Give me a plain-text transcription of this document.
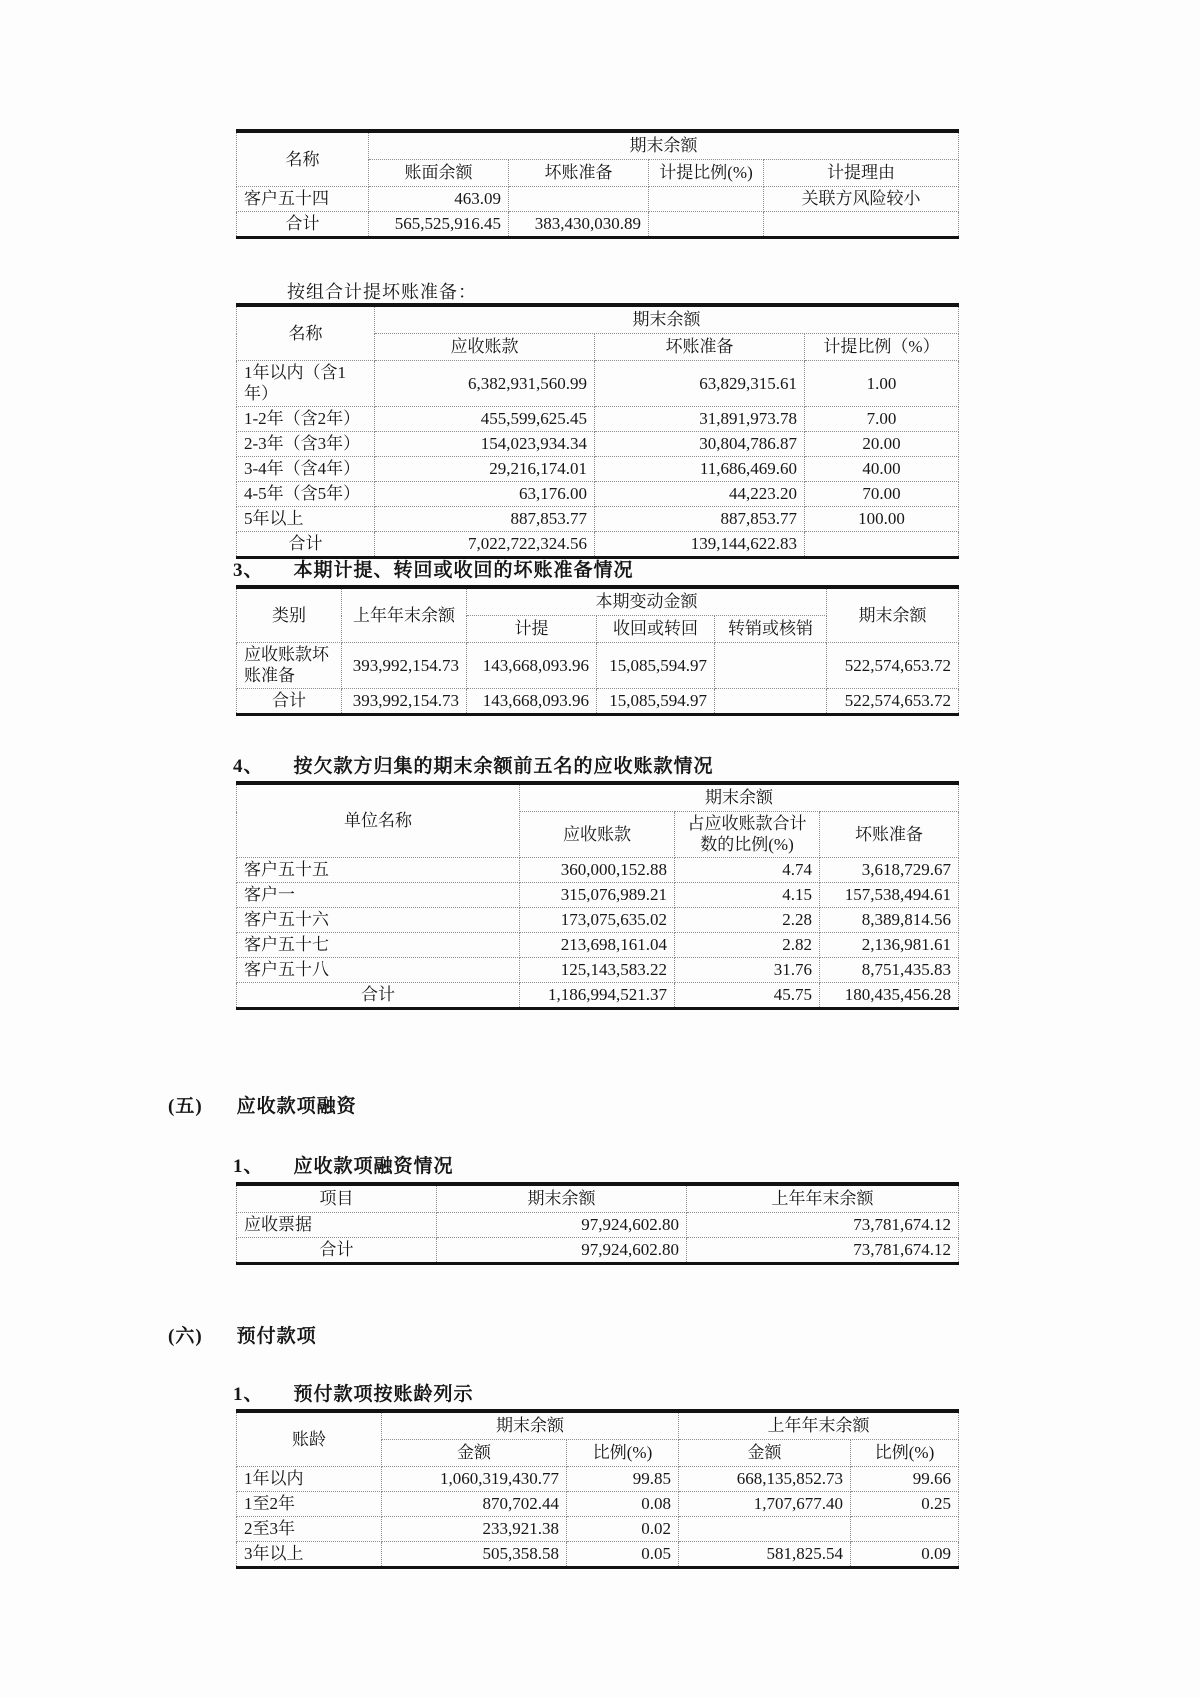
名称	期末余额			
	账面余额	坏账准备	计提比例(%)	计提理由
客户五十四	463.09			关联方风险较小
合计	565,525,916.45	383,430,030.89		
按组合计提坏账准备：
名称	期末余额		
	应收账款	坏账准备	计提比例（%）
1年以内（含1年）	6,382,931,560.99	63,829,315.61	1.00
1-2年（含2年）	455,599,625.45	31,891,973.78	7.00
2-3年（含3年）	154,023,934.34	30,804,786.87	20.00
3-4年（含4年）	29,216,174.01	11,686,469.60	40.00
4-5年（含5年）	63,176.00	44,223.20	70.00
5年以上	887,853.77	887,853.77	100.00
合计	7,022,722,324.56	139,144,622.83	
3、 本期计提、转回或收回的坏账准备情况
类别	上年年末余额	本期变动金额			期末余额
		计提	收回或转回	转销或核销	
应收账款坏账准备	393,992,154.73	143,668,093.96	15,085,594.97		522,574,653.72
合计	393,992,154.73	143,668,093.96	15,085,594.97		522,574,653.72
4、 按欠款方归集的期末余额前五名的应收账款情况
单位名称	期末余额		
	应收账款	占应收账款合计数的比例(%)	坏账准备
客户五十五	360,000,152.88	4.74	3,618,729.67
客户一	315,076,989.21	4.15	157,538,494.61
客户五十六	173,075,635.02	2.28	8,389,814.56
客户五十七	213,698,161.04	2.82	2,136,981.61
客户五十八	125,143,583.22	31.76	8,751,435.83
合计	1,186,994,521.37	45.75	180,435,456.28
(五) 应收款项融资
1、 应收款项融资情况
项目	期末余额	上年年末余额
应收票据	97,924,602.80	73,781,674.12
合计	97,924,602.80	73,781,674.12
(六) 预付款项
1、 预付款项按账龄列示
账龄	期末余额		上年年末余额	
	金额	比例(%)	金额	比例(%)
1年以内	1,060,319,430.77	99.85	668,135,852.73	99.66
1至2年	870,702.44	0.08	1,707,677.40	0.25
2至3年	233,921.38	0.02		
3年以上	505,358.58	0.05	581,825.54	0.09
